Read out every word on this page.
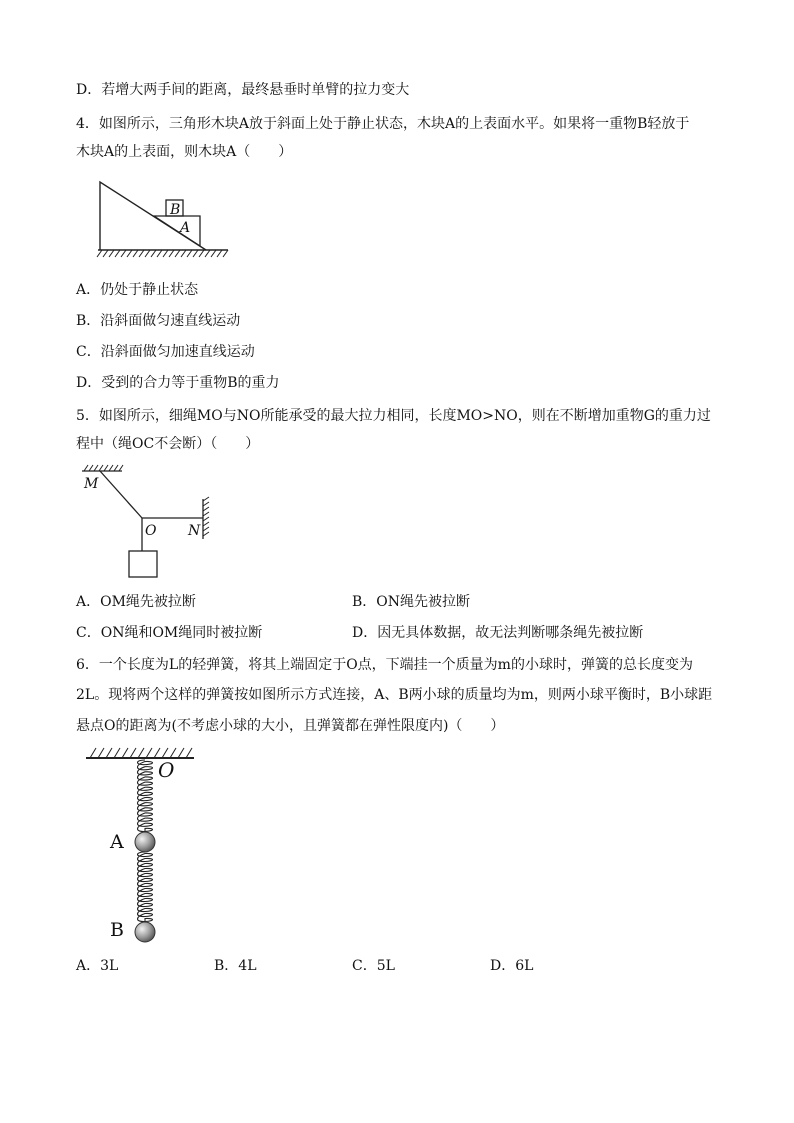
D．若增大两手间的距离，最终悬垂时单臂的拉力变大
4．如图所示，三角形木块A放于斜面上处于静止状态，木块A的上表面水平。如果将一重物B轻放于
木块A的上表面，则木块A（　　）
B
A
A．仍处于静止状态
B．沿斜面做匀速直线运动
C．沿斜面做匀加速直线运动
D．受到的合力等于重物B的重力
5．如图所示，细绳MO与NO所能承受的最大拉力相同，长度MO>NO，则在不断增加重物G的重力过
程中（绳OC不会断）（　　）
M
O N
A．OM绳先被拉断	B．ON绳先被拉断
C．ON绳和OM绳同时被拉断	D．因无具体数据，故无法判断哪条绳先被拉断
6．一个长度为L的轻弹簧，将其上端固定于O点，下端挂一个质量为m的小球时，弹簧的总长度变为
2L。现将两个这样的弹簧按如图所示方式连接，A、B两小球的质量均为m，则两小球平衡时，B小球距
悬点O的距离为(不考虑小球的大小，且弹簧都在弹性限度内)（　　）
O
A
B
A．3L	B．4L	C．5L	D．6L
